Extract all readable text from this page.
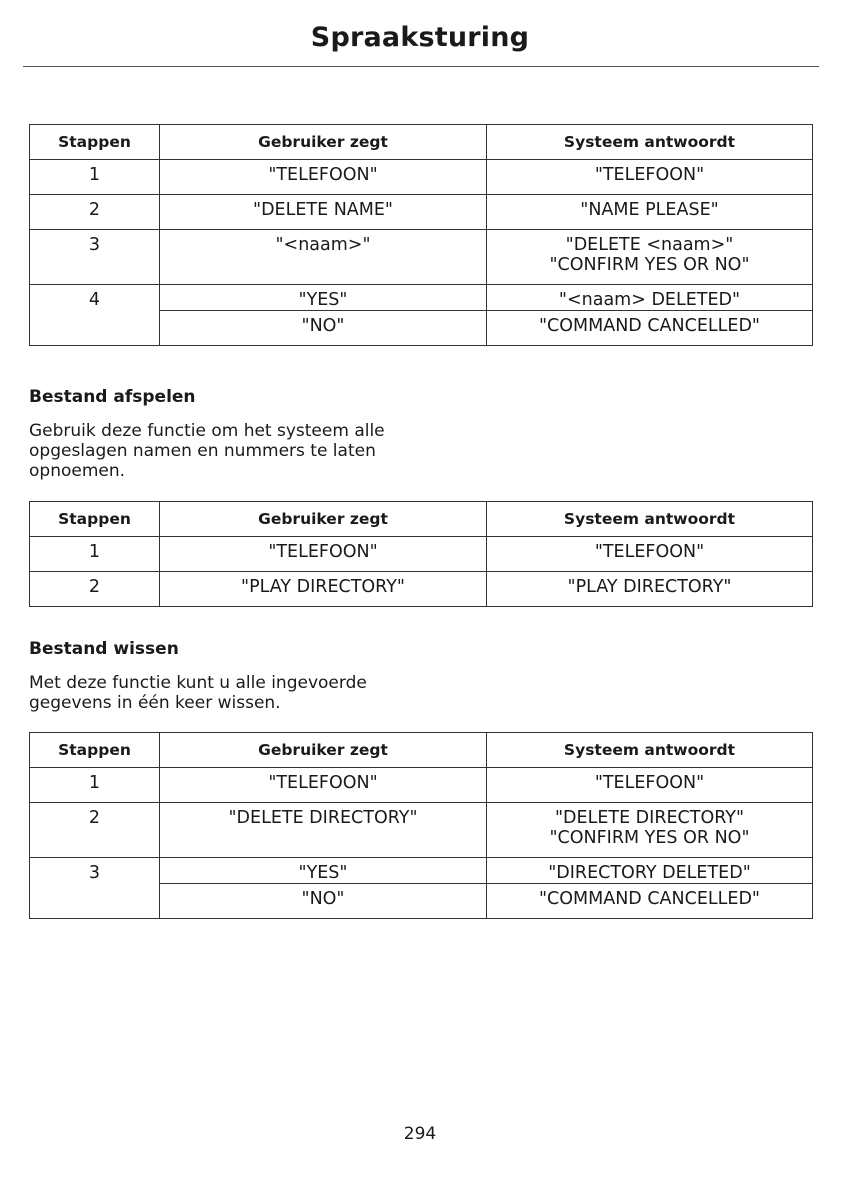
Spraaksturing
Stappen	Gebruiker zegt	Systeem antwoordt
1	"TELEFOON"	"TELEFOON"
2	"DELETE NAME"	"NAME PLEASE"
3	"<naam>"	"DELETE <naam>"
"CONFIRM YES OR NO"

4	"YES"	"<naam> DELETED"
	"NO"	"COMMAND CANCELLED"
Bestand afspelen
Gebruik deze functie om het systeem alle
opgeslagen namen en nummers te laten
opnoemen.
Stappen	Gebruiker zegt	Systeem antwoordt
1	"TELEFOON"	"TELEFOON"
2	"PLAY DIRECTORY"	"PLAY DIRECTORY"
Bestand wissen
Met deze functie kunt u alle ingevoerde
gegevens in één keer wissen.
Stappen	Gebruiker zegt	Systeem antwoordt
1	"TELEFOON"	"TELEFOON"
2	"DELETE DIRECTORY"	"DELETE DIRECTORY"
"CONFIRM YES OR NO"

3	"YES"	"DIRECTORY DELETED"
	"NO"	"COMMAND CANCELLED"
294
